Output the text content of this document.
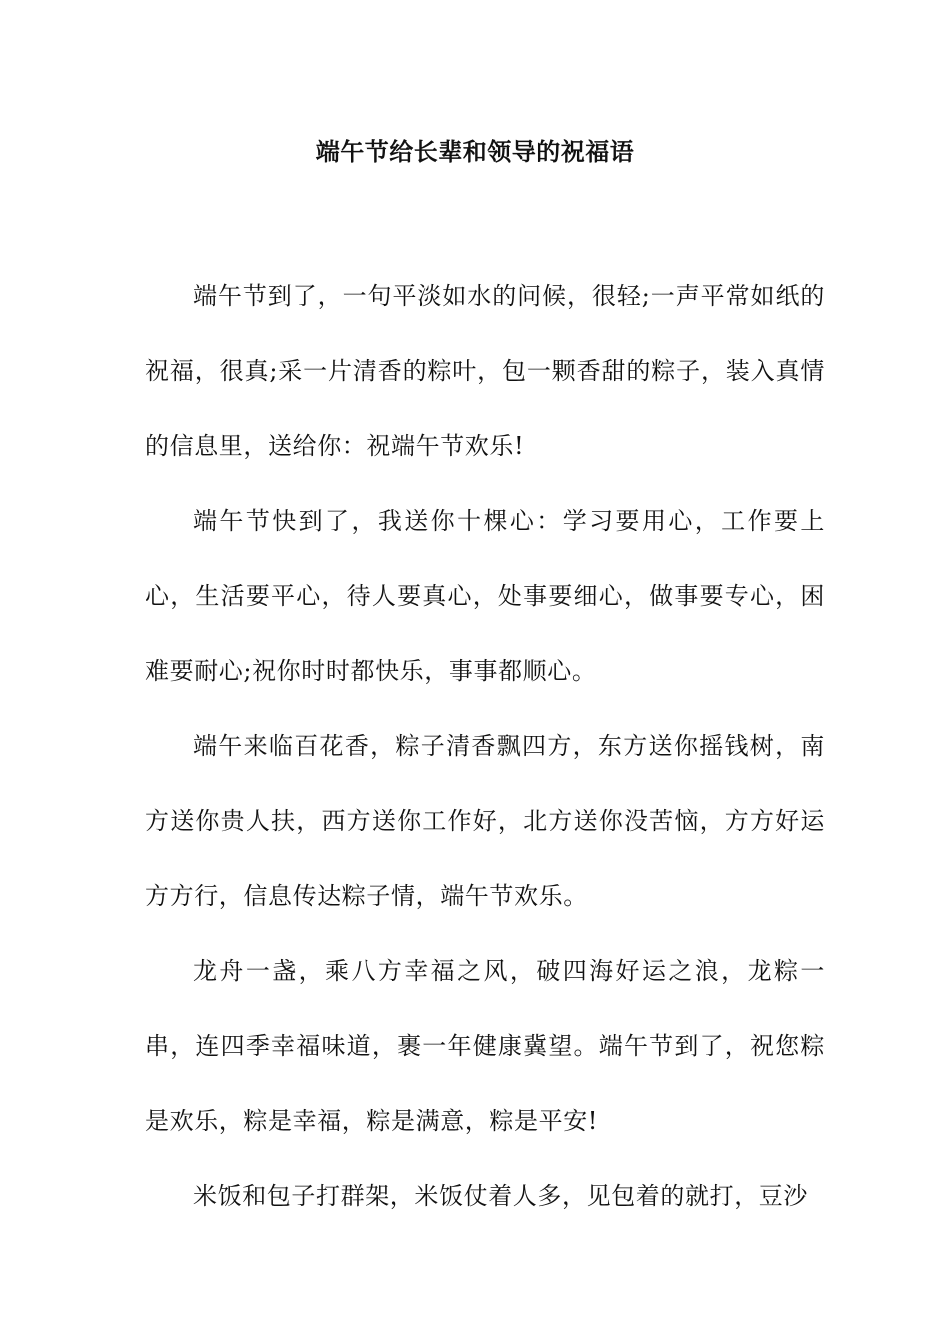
端午节给长辈和领导的祝福语

端午节到了，一句平淡如水的问候，很轻;一声平常如纸的祝福，很真;采一片清香的粽叶，包一颗香甜的粽子，装入真情的信息里，送给你：祝端午节欢乐!

端午节快到了，我送你十棵心：学习要用心，工作要上心，生活要平心，待人要真心，处事要细心，做事要专心，困难要耐心;祝你时时都快乐，事事都顺心。

端午来临百花香，粽子清香飘四方，东方送你摇钱树，南方送你贵人扶，西方送你工作好，北方送你没苦恼，方方好运方方行，信息传达粽子情，端午节欢乐。

龙舟一盏，乘八方幸福之风，破四海好运之浪，龙粽一串，连四季幸福味道，裹一年健康冀望。端午节到了，祝您粽是欢乐，粽是幸福，粽是满意，粽是平安!

米饭和包子打群架，米饭仗着人多，见包着的就打，豆沙
